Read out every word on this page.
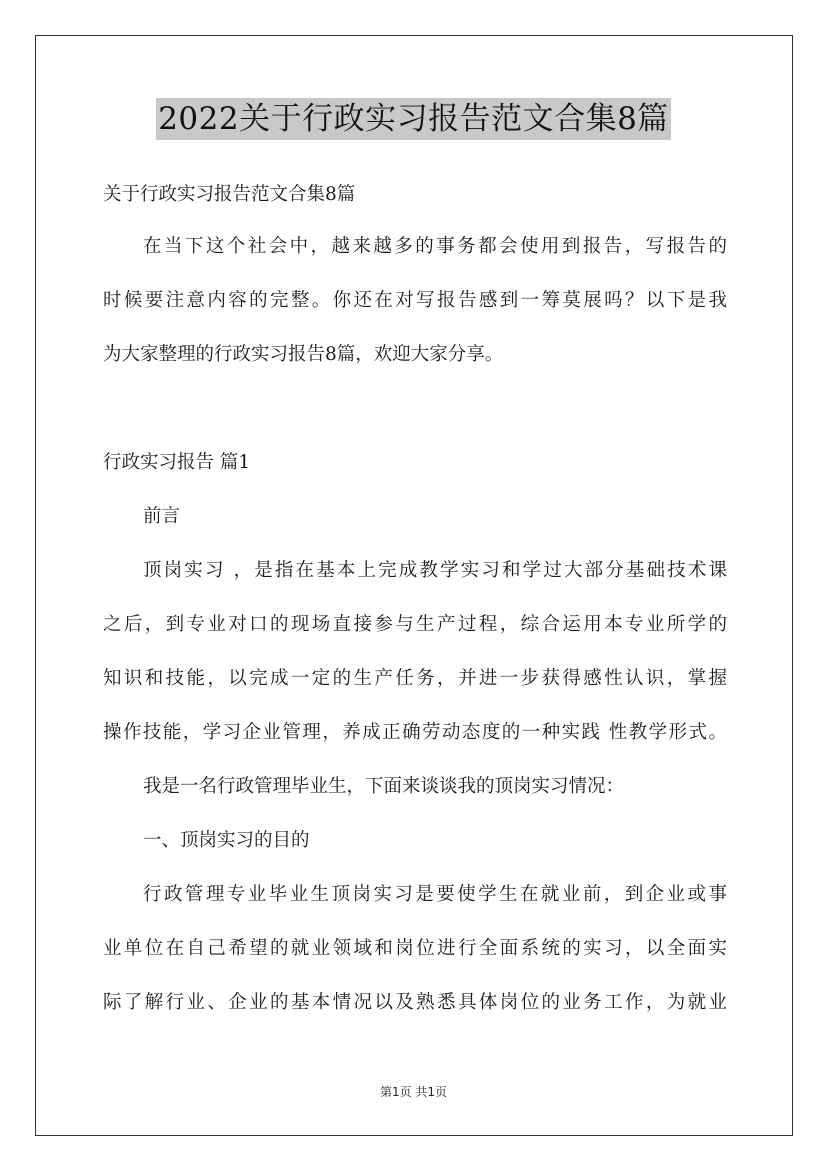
2022关于行政实习报告范文合集8篇
关于行政实习报告范文合集8篇
在当下这个社会中，越来越多的事务都会使用到报告，写报告的
时候要注意内容的完整。你还在对写报告感到一筹莫展吗？以下是我
为大家整理的行政实习报告8篇，欢迎大家分享。
行政实习报告 篇1
前言
顶岗实习 ，是指在基本上完成教学实习和学过大部分基础技术课
之后，到专业对口的现场直接参与生产过程，综合运用本专业所学的
知识和技能，以完成一定的生产任务，并进一步获得感性认识，掌握
操作技能，学习企业管理，养成正确劳动态度的一种实践 性教学形式。
我是一名行政管理毕业生，下面来谈谈我的顶岗实习情况：
一、顶岗实习的目的
行政管理专业毕业生顶岗实习是要使学生在就业前，到企业或事
业单位在自己希望的就业领域和岗位进行全面系统的实习，以全面实
际了解行业、企业的基本情况以及熟悉具体岗位的业务工作，为就业
第1页 共1页
